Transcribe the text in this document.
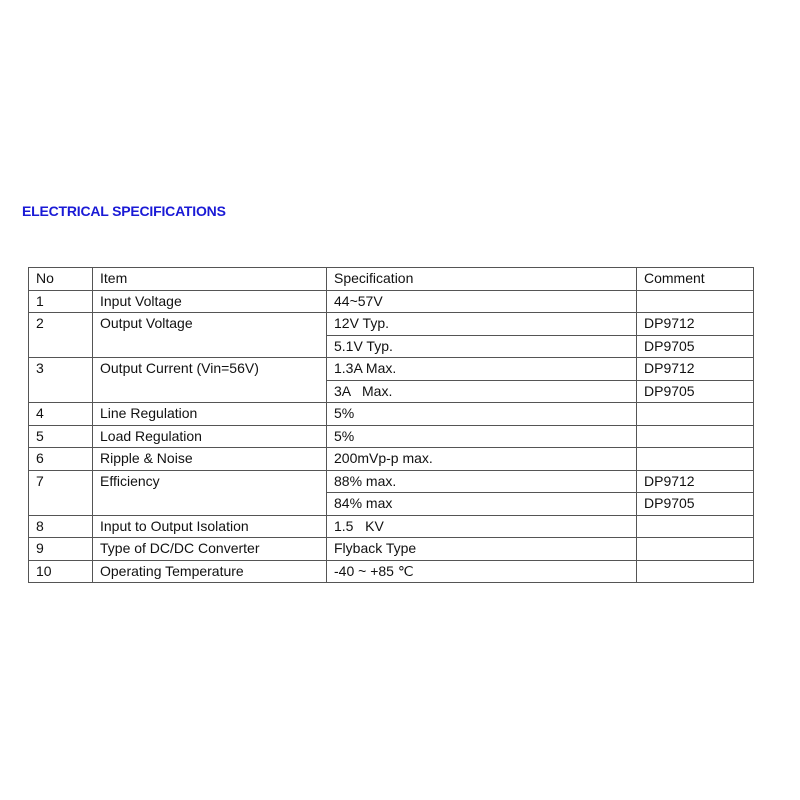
ELECTRICAL SPECIFICATIONS
No	Item	Specification	Comment
1	Input Voltage	44~57V	
2	Output Voltage	12V Typ.	DP9712
		5.1V Typ.	DP9705
3	Output Current (Vin=56V)	1.3A Max.	DP9712
		3A   Max.	DP9705
4	Line Regulation	5%	
5	Load Regulation	5%	
6	Ripple & Noise	200mVp-p max.	
7	Efficiency	88% max.	DP9712
		84% max	DP9705
8	Input to Output Isolation	1.5   KV	
9	Type of DC/DC Converter	Flyback Type	
10	Operating Temperature	-40 ~ +85 ℃	
